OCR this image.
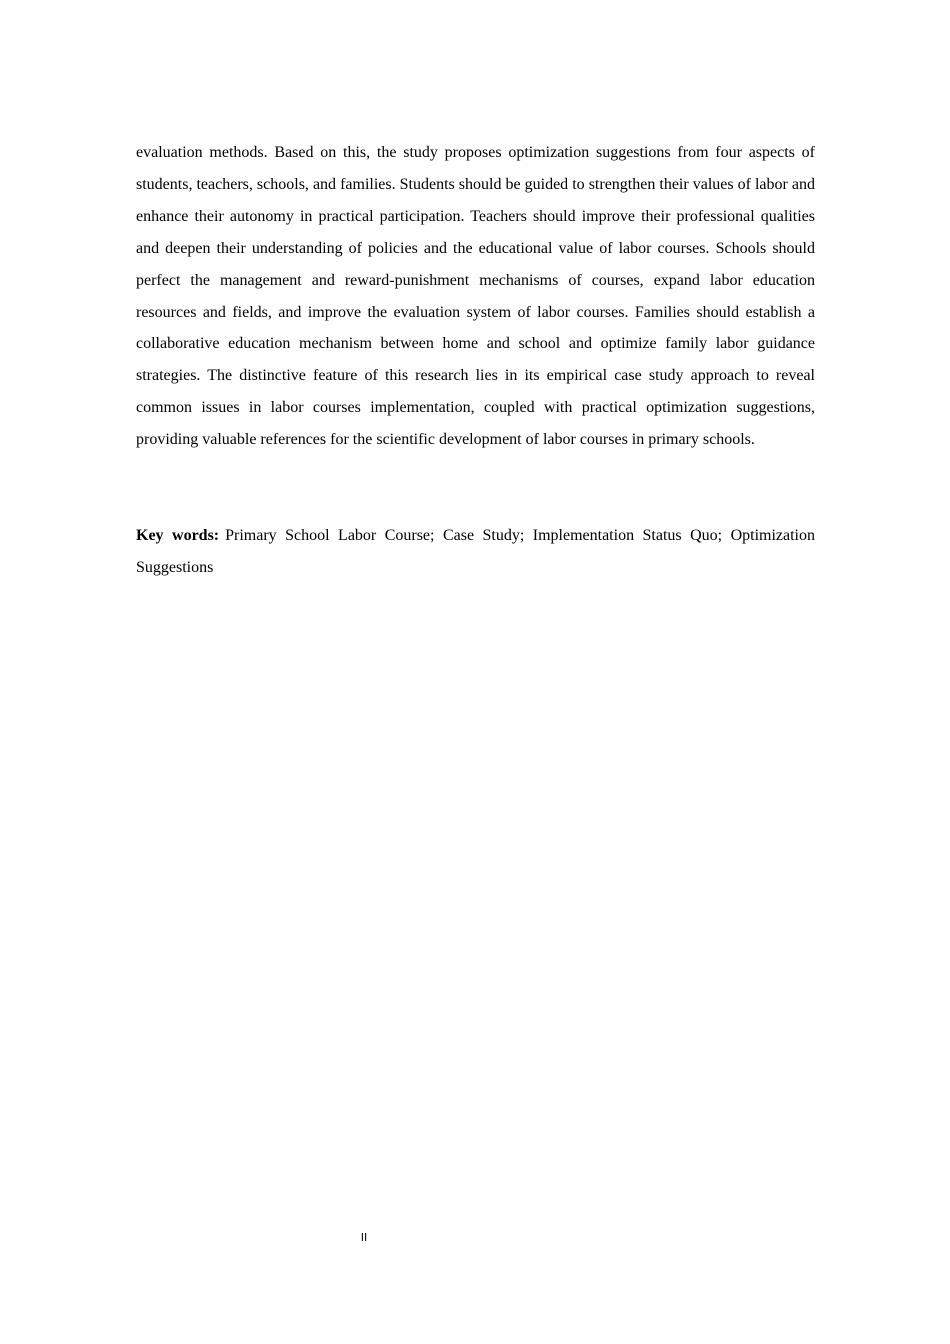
evaluation methods. Based on this, the study proposes optimization suggestions from four aspects of students, teachers, schools, and families. Students should be guided to strengthen their values of labor and enhance their autonomy in practical participation. Teachers should improve their professional qualities and deepen their understanding of policies and the educational value of labor courses. Schools should perfect the management and reward-punishment mechanisms of courses, expand labor education resources and fields, and improve the evaluation system of labor courses. Families should establish a collaborative education mechanism between home and school and optimize family labor guidance strategies. The distinctive feature of this research lies in its empirical case study approach to reveal common issues in labor courses implementation, coupled with practical optimization suggestions, providing valuable references for the scientific development of labor courses in primary schools.

Key words: Primary School Labor Course; Case Study; Implementation Status Quo; Optimization Suggestions

II
